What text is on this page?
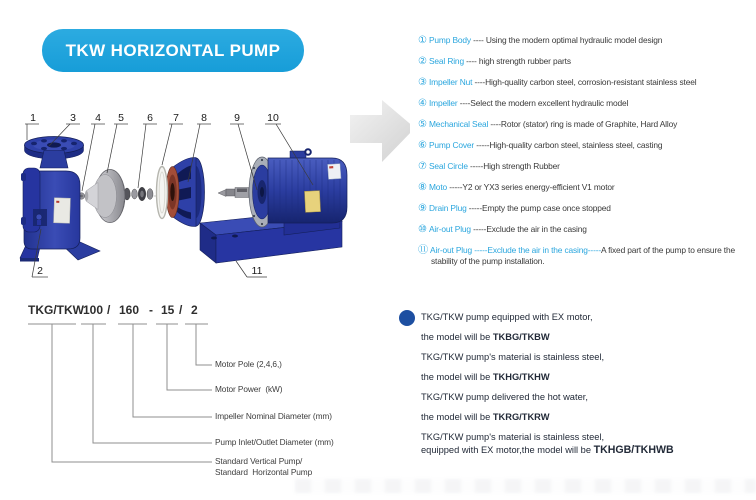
TKW HORIZONTAL PUMP
1	3 4 5 6 7 8	9	10
2	11
① Pump Body ---- Using the modern optimal hydraulic model design
② Seal Ring ---- high strength rubber parts
③ Impeller Nut ----High-quality carbon steel, corrosion-resistant stainless steel
④ Impeller ----Select the modern excellent hydraulic model
⑤ Mechanical Seal ----Rotor (stator) ring is made of Graphite, Hard Alloy
⑥ Pump Cover -----High-quality carbon steel, stainless steel, casting
⑦ Seal Circle -----High strength Rubber
⑧ Moto -----Y2 or YX3 series energy-efficient V1 motor
⑨ Drain Plug -----Empty the pump case once stopped
⑩ Air-out Plug -----Exclude the air in the casing
⑪ Air-out Plug -----Exclude the air in the casing-----A fixed part of the pump to ensure the stability of the pump installation.
TKG/TKW 100 / 160 - 15 / 2
Motor Pole (2,4,6,)
Motor Power  (kW)
Impeller Nominal Diameter (mm)
Pump Inlet/Outlet Diameter (mm)
Standard Vertical Pump/
Standard  Horizontal Pump

TKG/TKW pump equipped with EX motor,

the model will be TKBG/TKBW

TKG/TKW pump's material is stainless steel,

the model will be TKHG/TKHW

TKG/TKW pump delivered the hot water,

the model will be TKRG/TKRW

TKG/TKW pump's material is stainless steel,

equipped with EX motor,the model will be TKHGB/TKHWB
